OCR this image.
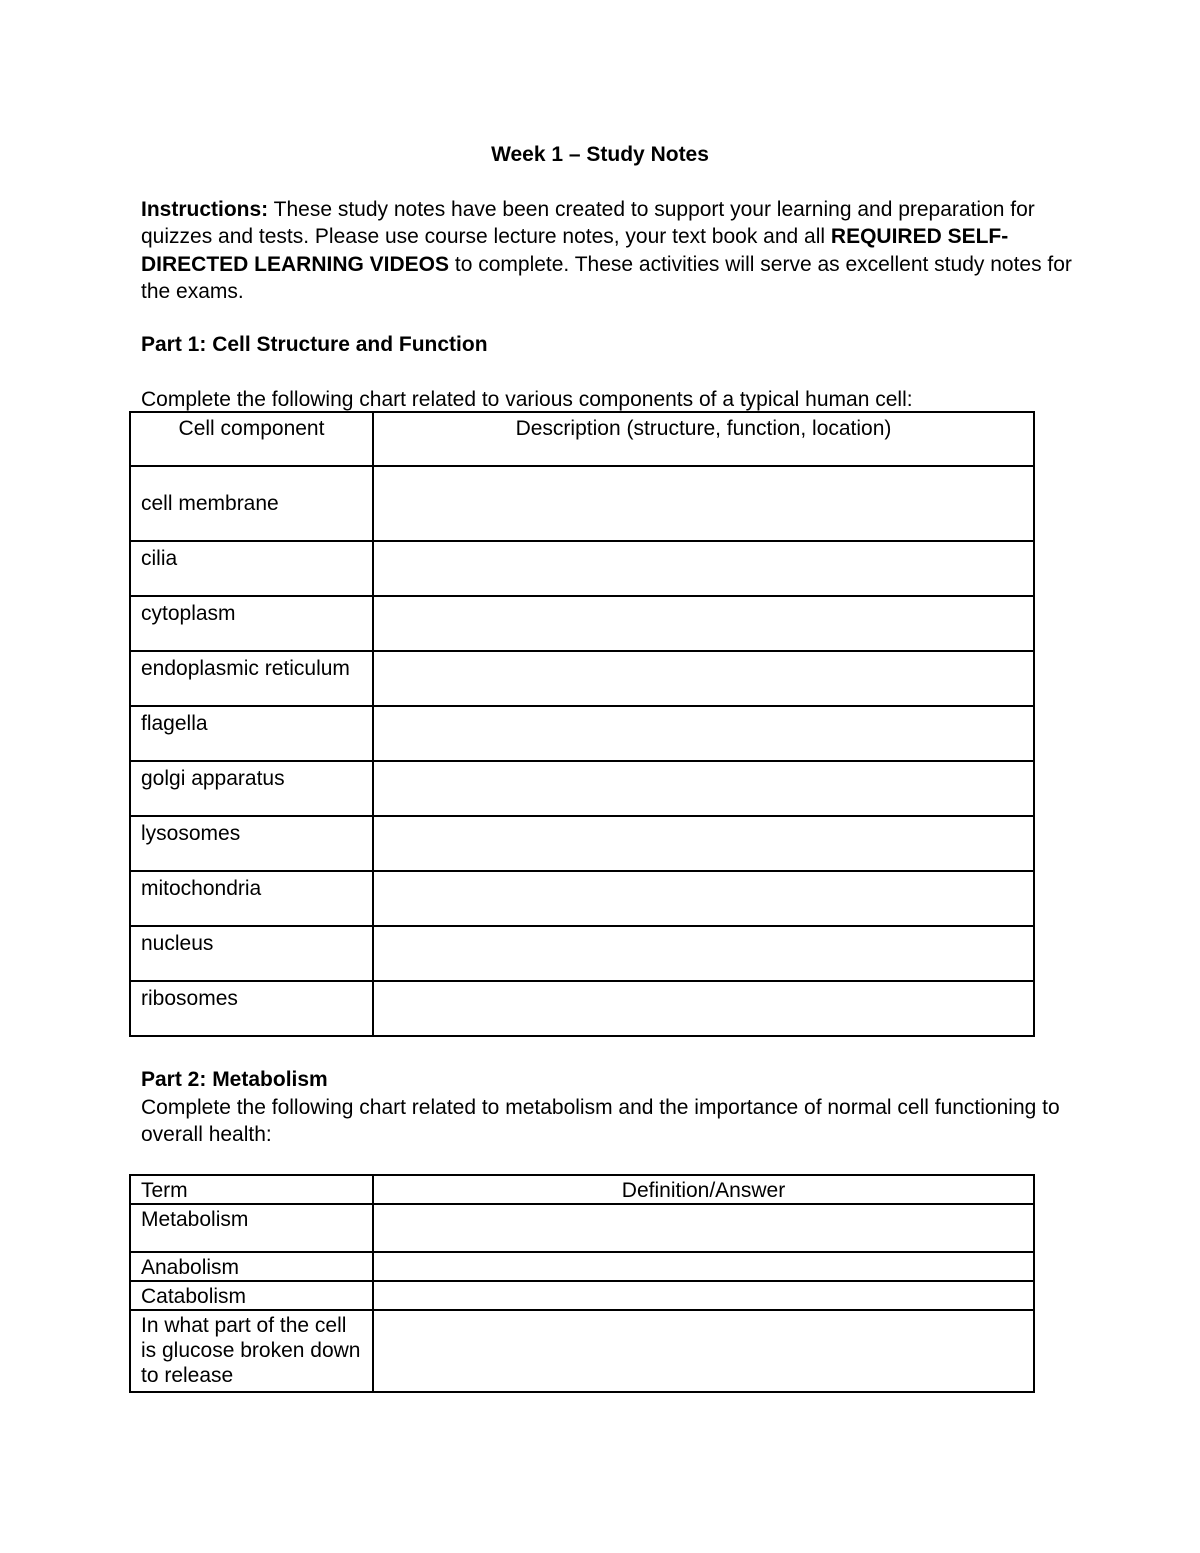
Week 1 – Study Notes
Instructions: These study notes have been created to support your learning and preparation for quizzes and tests. Please use course lecture notes, your text book and all REQUIRED SELF-DIRECTED LEARNING VIDEOS to complete. These activities will serve as excellent study notes for the exams.
Part 1: Cell Structure and Function
Complete the following chart related to various components of a typical human cell:
Cell component	Description (structure, function, location)
cell membrane	
cilia	
cytoplasm	
endoplasmic reticulum	
flagella	
golgi apparatus	
lysosomes	
mitochondria	
nucleus	
ribosomes	
Part 2: Metabolism
Complete the following chart related to metabolism and the importance of normal cell functioning to overall health:
Term	Definition/Answer
Metabolism	
Anabolism	
Catabolism	
In what part of the cell is glucose broken down to release	
